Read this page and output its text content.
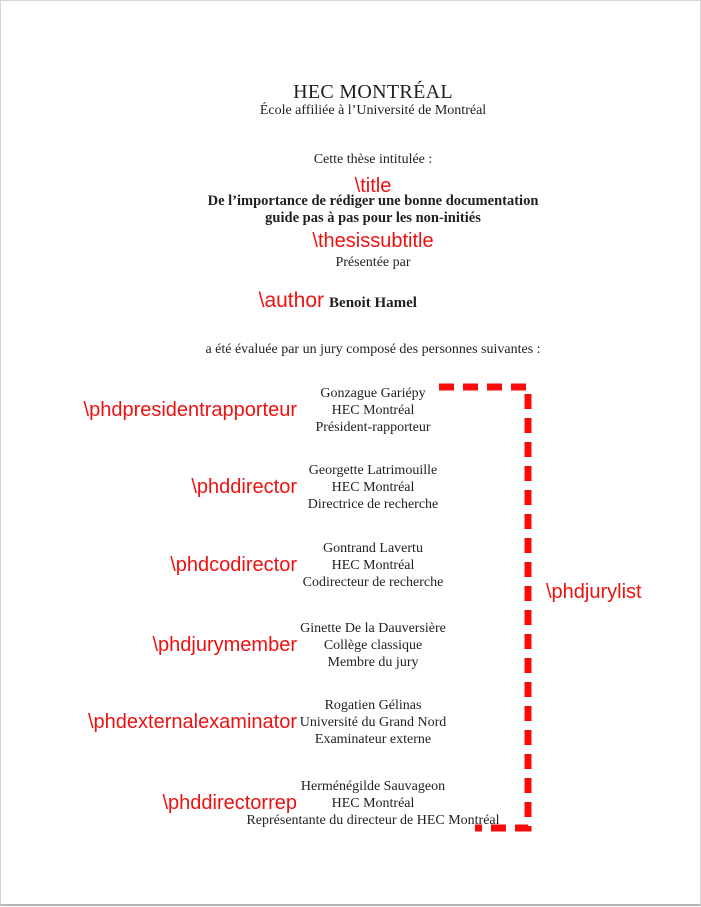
HEC MONTRÉAL
École affiliée à l’Université de Montréal
Cette thèse intitulée :
\title
De l’importance de rédiger une bonne documentation
guide pas à pas pour les non-initiés
\thesissubtitle
Présentée par
\author Benoit Hamel
a été évaluée par un jury composé des personnes suivantes :
\phdpresidentrapporteur
Gonzague Gariépy
HEC Montréal
Président-rapporteur
\phddirector
Georgette Latrimouille
HEC Montréal
Directrice de recherche
\phdcodirector
Gontrand Lavertu
HEC Montréal
Codirecteur de recherche
\phdjurymember
Ginette De la Dauversière
Collège classique
Membre du jury
\phdexternalexaminator
Rogatien Gélinas
Université du Grand Nord
Examinateur externe
\phddirectorrep
Herménégilde Sauvageon
HEC Montréal
Représentante du directeur de HEC Montréal
\phdjurylist
